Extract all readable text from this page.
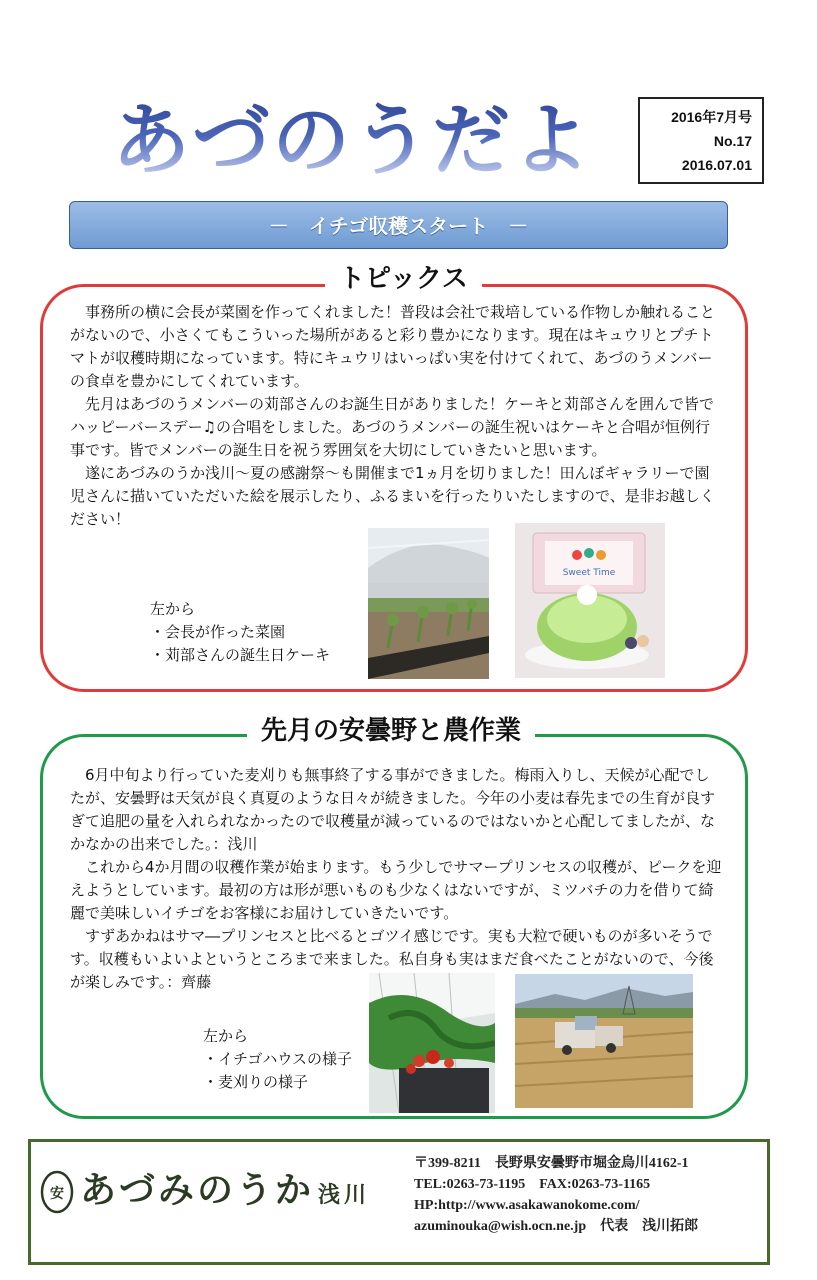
あづのうだより 2016年7月号
No.17
2016.07.01
－　イチゴ収穫スタート　－
トピックス
　事務所の横に会長が菜園を作ってくれました！普段は会社で栽培している作物しか触れることがないので、小さくてもこういった場所があると彩り豊かになります。現在はキュウリとプチトマトが収穫時期になっています。特にキュウリはいっぱい実を付けてくれて、あづのうメンバーの食卓を豊かにしてくれています。
　先月はあづのうメンバーの苅部さんのお誕生日がありました！ケーキと苅部さんを囲んで皆でハッピーバースデー♫の合唱をしました。あづのうメンバーの誕生祝いはケーキと合唱が恒例行事です。皆でメンバーの誕生日を祝う雰囲気を大切にしていきたいと思います。
　遂にあづみのうか浅川～夏の感謝祭～も開催まで1ヵ月を切りました！田んぼギャラリーで園児さんに描いていただいた絵を展示したり、ふるまいを行ったりいたしますので、是非お越しください！
左から
・会長が作った菜園
・苅部さんの誕生日ケーキ
Sweet Time
先月の安曇野と農作業
　6月中旬より行っていた麦刈りも無事終了する事ができました。梅雨入りし、天候が心配でしたが、安曇野は天気が良く真夏のような日々が続きました。今年の小麦は春先までの生育が良すぎて追肥の量を入れられなかったので収穫量が減っているのではないかと心配してましたが、なかなかの出来でした。：浅川
　これから4か月間の収穫作業が始まります。もう少しでサマープリンセスの収穫が、ピークを迎えようとしています。最初の方は形が悪いものも少なくはないですが、ミツバチの力を借りて綺麗で美味しいイチゴをお客様にお届けしていきたいです。
　すずあかねはサマ―プリンセスと比べるとゴツイ感じです。実も大粒で硬いものが多いそうです。収穫もいよいよというところまで来ました。私自身も実はまだ食べたことがないので、今後が楽しみです。：齊藤
左から
・イチゴハウスの様子
・麦刈りの様子
安 あづみのうか 浅川
〒399-8211　長野県安曇野市堀金烏川4162-1
TEL:0263-73-1195　FAX:0263-73-1165
HP:http://www.asakawanokome.com/
azuminouka@wish.ocn.ne.jp　代表　浅川拓郎
